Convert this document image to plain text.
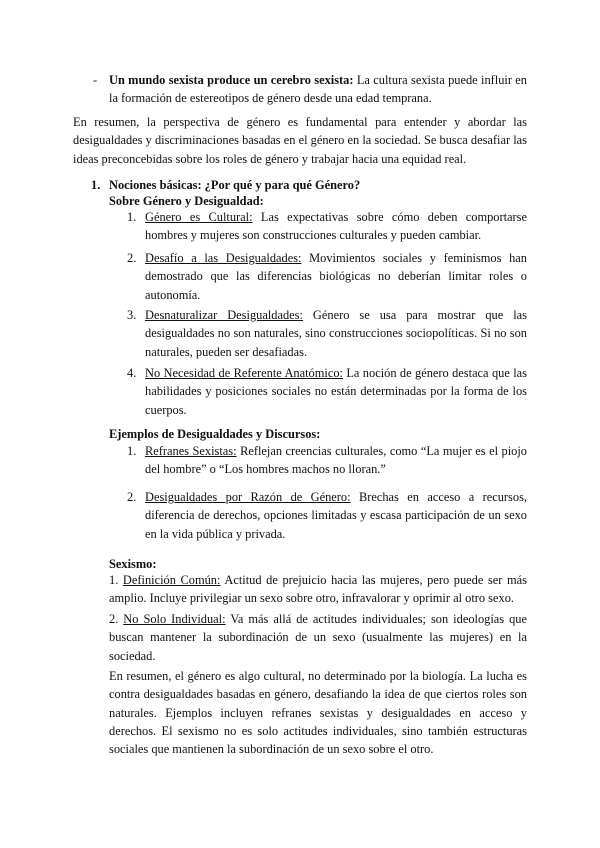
- Un mundo sexista produce un cerebro sexista: La cultura sexista puede influir en la formación de estereotipos de género desde una edad temprana.
En resumen, la perspectiva de género es fundamental para entender y abordar las desigualdades y discriminaciones basadas en el género en la sociedad. Se busca desafiar las ideas preconcebidas sobre los roles de género y trabajar hacia una equidad real.
1. Nociones básicas: ¿Por qué y para qué Género?
Sobre Género y Desigualdad:
1. Género es Cultural: Las expectativas sobre cómo deben comportarse hombres y mujeres son construcciones culturales y pueden cambiar.
2. Desafío a las Desigualdades: Movimientos sociales y feminismos han demostrado que las diferencias biológicas no deberían limitar roles o autonomía.
3. Desnaturalizar Desigualdades: Género se usa para mostrar que las desigualdades no son naturales, sino construcciones sociopolíticas. Si no son naturales, pueden ser desafiadas.
4. No Necesidad de Referente Anatómico: La noción de género destaca que las habilidades y posiciones sociales no están determinadas por la forma de los cuerpos.
Ejemplos de Desigualdades y Discursos:
1. Refranes Sexistas: Reflejan creencias culturales, como “La mujer es el piojo del hombre” o “Los hombres machos no lloran.”
2. Desigualdades por Razón de Género: Brechas en acceso a recursos, diferencia de derechos, opciones limitadas y escasa participación de un sexo en la vida pública y privada.
Sexismo:
1. Definición Común: Actitud de prejuicio hacia las mujeres, pero puede ser más amplio. Incluye privilegiar un sexo sobre otro, infravalorar y oprimir al otro sexo.
2. No Solo Individual: Va más allá de actitudes individuales; son ideologías que buscan mantener la subordinación de un sexo (usualmente las mujeres) en la sociedad.
En resumen, el género es algo cultural, no determinado por la biología. La lucha es contra desigualdades basadas en género, desafiando la idea de que ciertos roles son naturales. Ejemplos incluyen refranes sexistas y desigualdades en acceso y derechos. El sexismo no es solo actitudes individuales, sino también estructuras sociales que mantienen la subordinación de un sexo sobre el otro.
